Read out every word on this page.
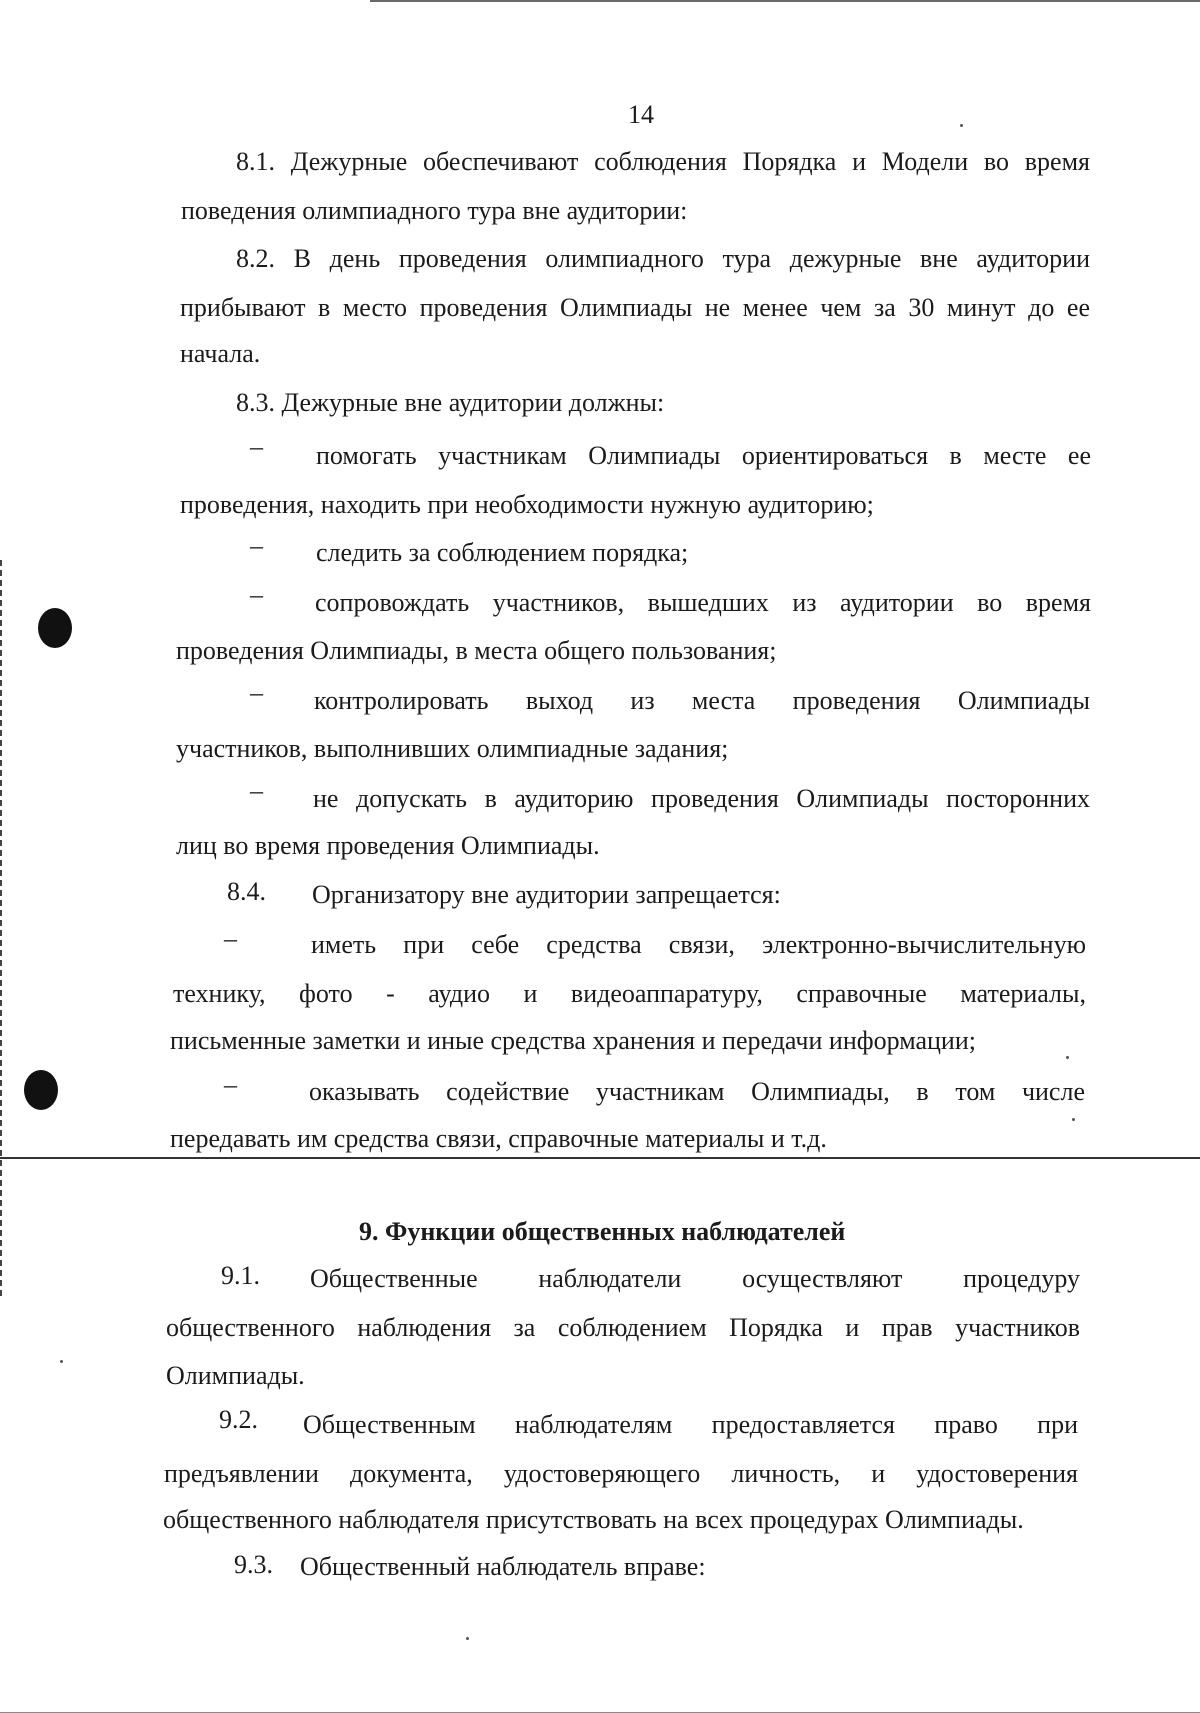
14
8.1. Дежурные обеспечивают соблюдения Порядка и Модели во время
поведения олимпиадного тура вне аудитории:
8.2. В день проведения олимпиадного тура дежурные вне аудитории
прибывают в место проведения Олимпиады не менее чем за 30 минут до ее
начала.
8.3. Дежурные вне аудитории должны:
– помогать участникам Олимпиады ориентироваться в месте ее
проведения, находить при необходимости нужную аудиторию;
– следить за соблюдением порядка;
– сопровождать участников, вышедших из аудитории во время
проведения Олимпиады, в места общего пользования;
– контролировать выход из места проведения Олимпиады
участников, выполнивших олимпиадные задания;
– не допускать в аудиторию проведения Олимпиады посторонних
лиц во время проведения Олимпиады.
8.4. Организатору вне аудитории запрещается:
–	иметь при себе средства связи, электронно-вычислительную
технику, фото - аудио и видеоаппаратуру, справочные материалы,
письменные заметки и иные средства хранения и передачи информации;
–	оказывать содействие участникам Олимпиады, в том числе
передавать им средства связи, справочные материалы и т.д.
9. Функции общественных наблюдателей
9.1. Общественные наблюдатели осуществляют процедуру
общественного наблюдения за соблюдением Порядка и прав участников
Олимпиады.
9.2. Общественным наблюдателям предоставляется право при
предъявлении документа, удостоверяющего личность, и удостоверения
общественного наблюдателя присутствовать на всех процедурах Олимпиады.
9.3. Общественный наблюдатель вправе:
